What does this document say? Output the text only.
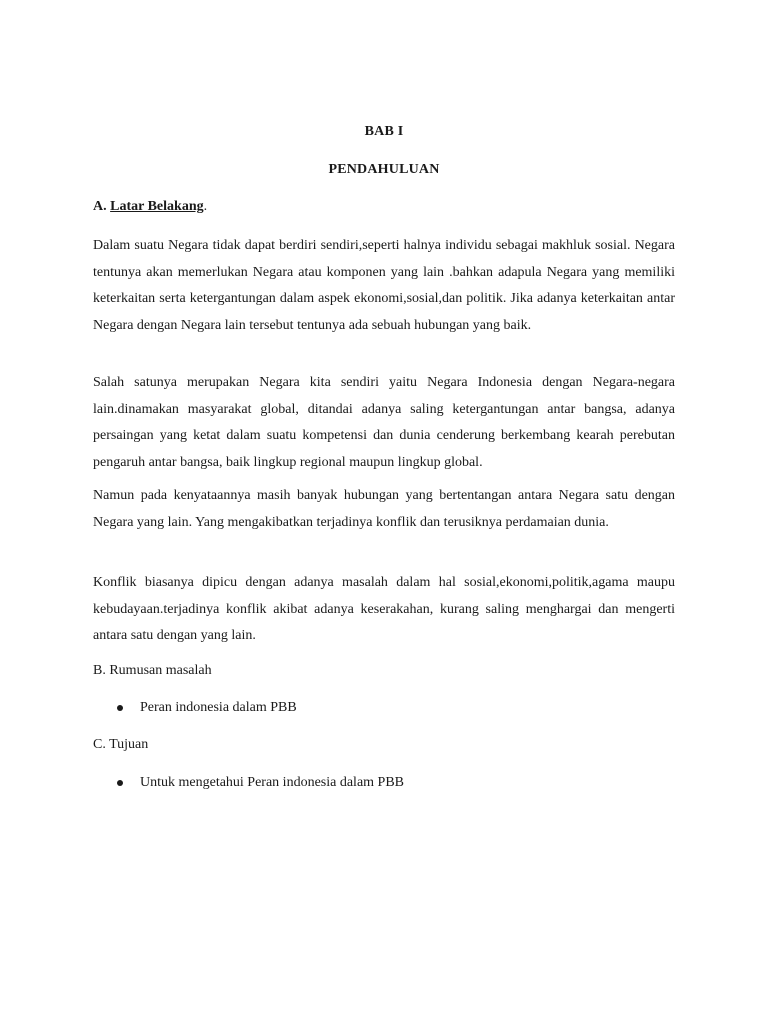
BAB I
PENDAHULUAN
A. Latar Belakang.

Dalam suatu Negara tidak dapat berdiri sendiri,seperti halnya individu sebagai makhluk sosial. Negara tentunya akan memerlukan Negara atau komponen yang lain .bahkan adapula Negara yang memiliki keterkaitan serta ketergantungan dalam aspek ekonomi,sosial,dan politik. Jika adanya keterkaitan antar Negara dengan Negara lain tersebut tentunya ada sebuah hubungan yang baik.

Salah satunya merupakan Negara kita sendiri yaitu Negara Indonesia dengan Negara-negara lain.dinamakan masyarakat global, ditandai adanya saling ketergantungan antar bangsa, adanya persaingan yang ketat dalam suatu kompetensi dan dunia cenderung berkembang kearah perebutan pengaruh antar bangsa, baik lingkup regional maupun lingkup global.

Namun pada kenyataannya masih banyak hubungan yang bertentangan antara Negara satu dengan Negara yang lain. Yang mengakibatkan terjadinya konflik dan terusiknya perdamaian dunia.

Konflik biasanya dipicu dengan adanya masalah dalam hal sosial,ekonomi,politik,agama maupu kebudayaan.terjadinya konflik akibat adanya keserakahan, kurang saling menghargai dan mengerti antara satu dengan yang lain.

B. Rumusan masalah
Peran indonesia dalam PBB
C. Tujuan
Untuk mengetahui Peran indonesia dalam PBB
